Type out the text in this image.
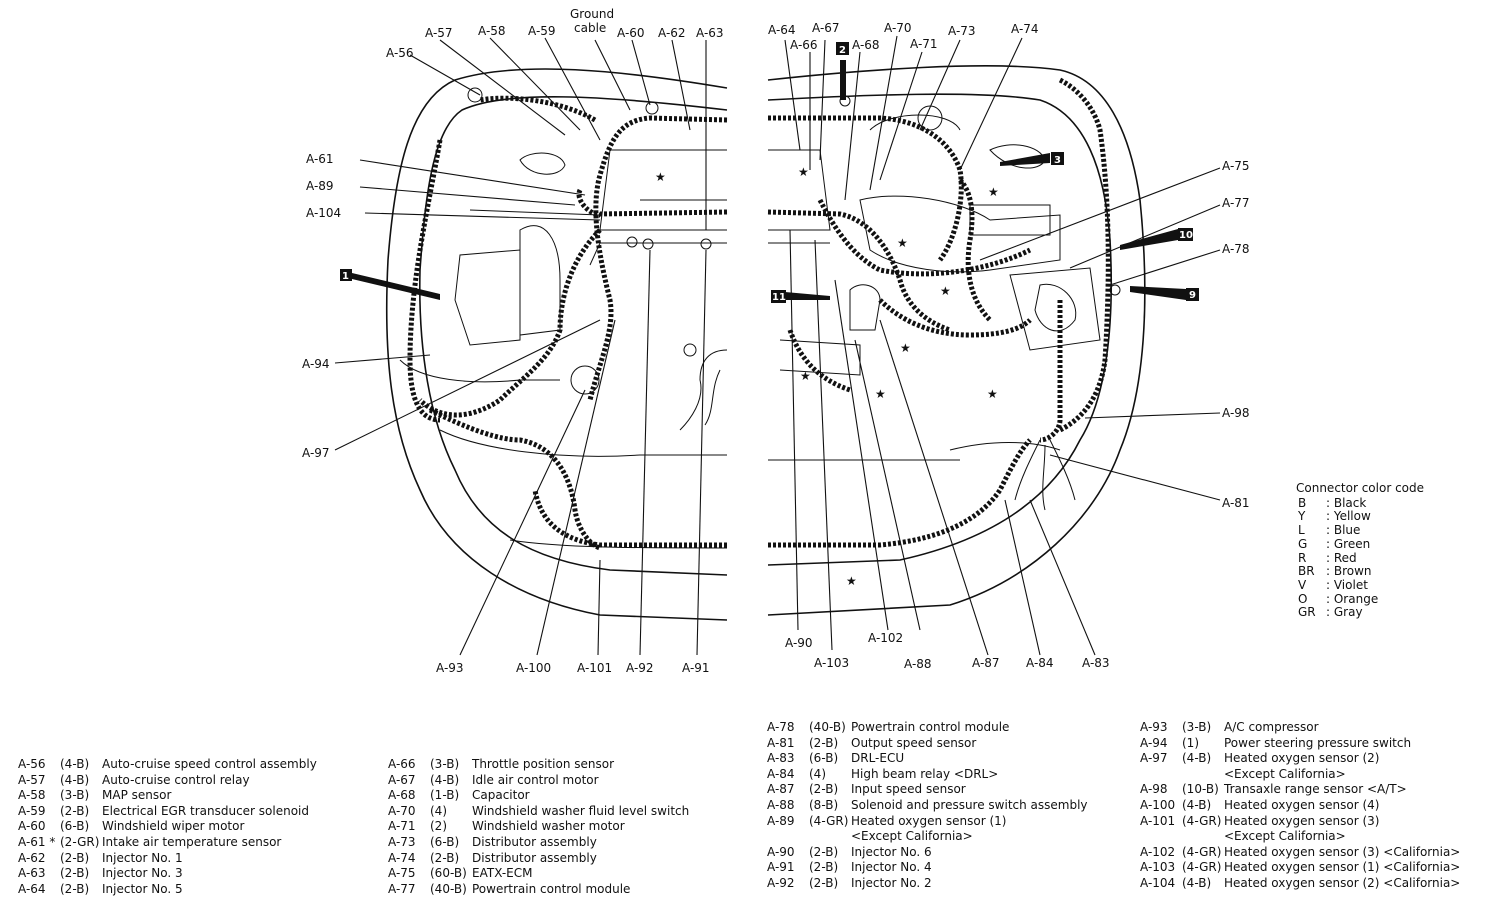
★	★
★
★
★
★
★
★
★
★
1
2
3
10
11	9
A-57 A-58 A-59
Ground
cable A-60 A-62 A-63	A-64 A-67
A-66	A-68
A-70
A-71
A-73	A-74
A-56
A-61
A-89
A-104
A-94
A-97
A-75
A-77
A-78
A-98
A-81
A-93	A-100 A-101 A-92 A-91
A-90
A-103
A-102
A-88	A-87 A-84 A-83
Connector color code
B	: Black
Y	: Yellow
L	: Blue
G	: Green
R	: Red
BR : Brown
V	: Violet
O	: Orange
GR : Gray
A-56	(4-B)	Auto-cruise speed control assembly
A-57	(4-B)	Auto-cruise control relay
A-58	(3-B)	MAP sensor
A-59	(2-B)	Electrical EGR transducer solenoid
A-60	(6-B)	Windshield wiper motor
A-61 * (2-GR) Intake air temperature sensor
A-62	(2-B)	Injector No. 1
A-63	(2-B)	Injector No. 3
A-64	(2-B)	Injector No. 5
A-66	(3-B)	Throttle position sensor
A-67	(4-B)	Idle air control motor
A-68	(1-B)	Capacitor
A-70	(4)	Windshield washer fluid level switch
A-71	(2)	Windshield washer motor
A-73	(6-B)	Distributor assembly
A-74	(2-B)	Distributor assembly
A-75	(60-B) EATX-ECM
A-77	(40-B) Powertrain control module
A-78	(40-B) Powertrain control module
A-81	(2-B)	Output speed sensor
A-83	(6-B)	DRL-ECU
A-84	(4)	High beam relay <DRL>
A-87	(2-B)	Input speed sensor
A-88	(8-B)	Solenoid and pressure switch assembly
A-89	(4-GR) Heated oxygen sensor (1)
<Except California>
A-90	(2-B)	Injector No. 6
A-91	(2-B)	Injector No. 4
A-92	(2-B)	Injector No. 2
A-93	(3-B)	A/C compressor
A-94	(1)	Power steering pressure switch
A-97	(4-B)	Heated oxygen sensor (2)
<Except California>
A-98	(10-B) Transaxle range sensor <A/T>
A-100 (4-B)	Heated oxygen sensor (4)
A-101 (4-GR) Heated oxygen sensor (3)
<Except California>
A-102 (4-GR) Heated oxygen sensor (3) <California>
A-103 (4-GR) Heated oxygen sensor (1) <California>
A-104 (4-B)	Heated oxygen sensor (2) <California>
